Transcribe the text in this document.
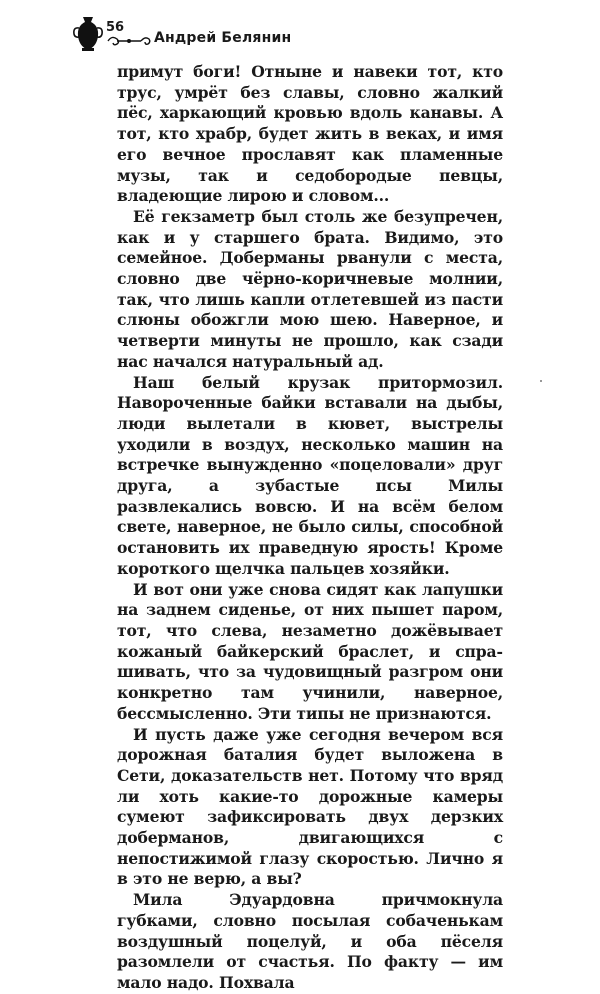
56
Андрей Белянин

примут боги! Отныне и навеки тот, кто трус, умрёт без славы, словно жалкий пёс, харкающий кровью вдоль канавы. А тот, кто храбр, будет жить в веках, и имя его вечное прославят как пламенные музы, так и седобородые певцы, владеющие лирою и словом...

Её гекзаметр был столь же безупречен, как и у старшего брата. Видимо, это семейное. Доберманы рванули с места, словно две чёрно-коричневые молнии, так, что лишь капли отлетевшей из пасти слюны обожгли мою шею. Наверное, и четверти минуты не прошло, как сзади нас начался натуральный ад.

Наш белый крузак притормозил. Навороченные байки вставали на дыбы, люди вылетали в кювет, выстрелы уходили в воздух, несколько машин на встречке вынужденно «поцеловали» друг друга, а зубастые псы Милы развлекались вовсю. И на всём белом свете, наверное, не было силы, способной остановить их праведную ярость! Кроме короткого щелчка пальцев хозяйки.

И вот они уже снова сидят как лапушки на заднем сиденье, от них пышет паром, тот, что слева, незаметно дожёвывает кожаный байкерский браслет, и спрашивать, что за чудовищный разгром они конкретно там учинили, наверное, бессмысленно. Эти типы не признаются.

И пусть даже уже сегодня вечером вся дорожная баталия будет выложена в Сети, доказательств нет. Потому что вряд ли хоть какие-то дорожные камеры сумеют зафиксировать двух дерзких доберманов, двигающихся с непостижимой глазу скоростью. Лично я в это не верю, а вы?

Мила Эдуардовна причмокнула губками, словно посылая собаченькам воздушный поцелуй, и оба пёселя разомлели от счастья. По факту — им мало надо. Похвала
